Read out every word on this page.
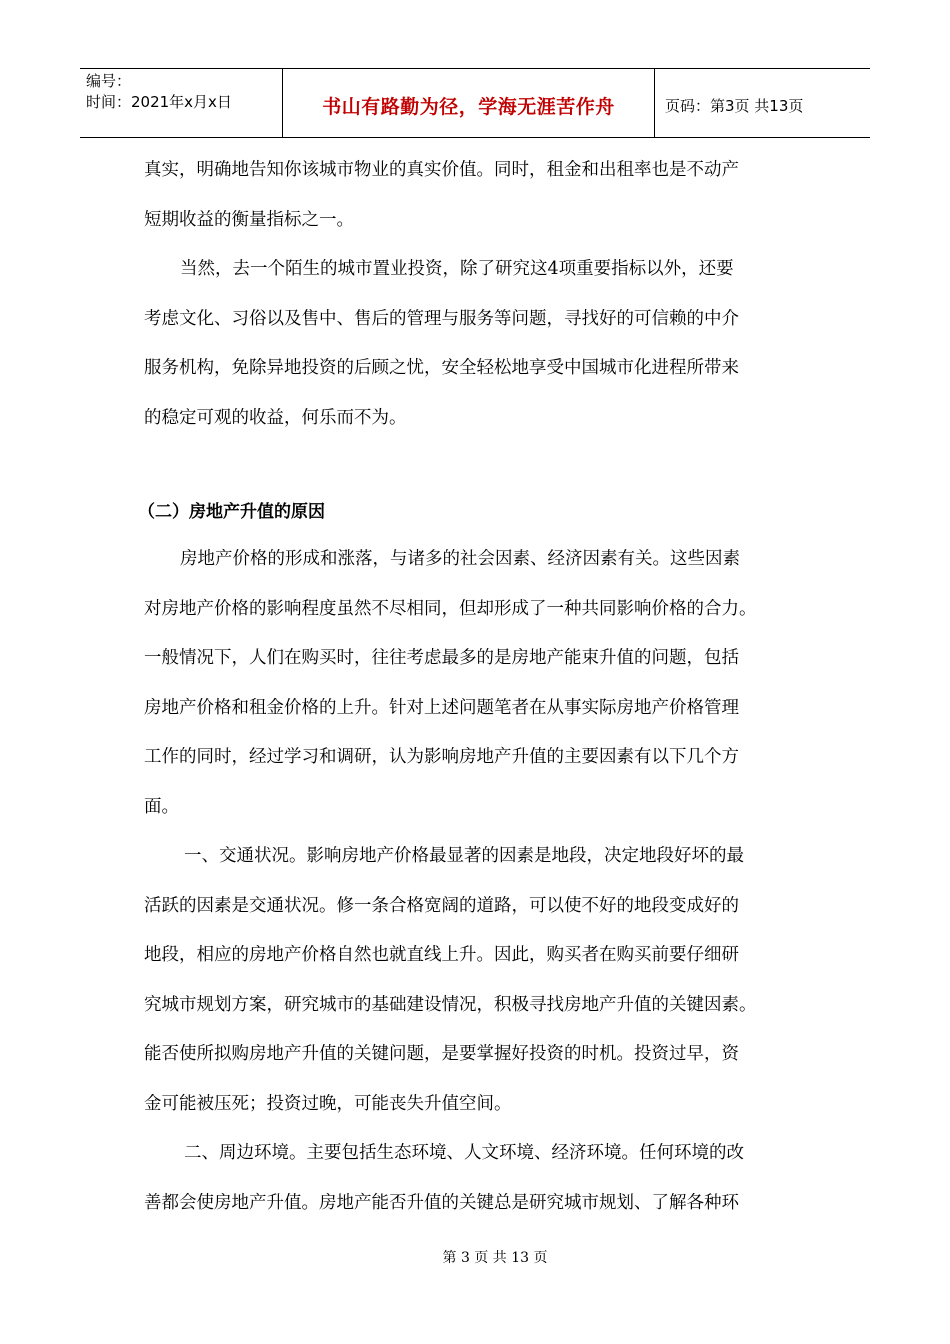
编号：
时间：2021年x月x日	书山有路勤为径，学海无涯苦作舟	页码：第3页 共13页
真实，明确地告知你该城市物业的真实价值。同时，租金和出租率也是不动产
短期收益的衡量指标之一。
当然，去一个陌生的城市置业投资，除了研究这4项重要指标以外，还要
考虑文化、习俗以及售中、售后的管理与服务等问题，寻找好的可信赖的中介
服务机构，免除异地投资的后顾之忧，安全轻松地享受中国城市化进程所带来
的稳定可观的收益，何乐而不为。
（二）房地产升值的原因
房地产价格的形成和涨落，与诸多的社会因素、经济因素有关。这些因素
对房地产价格的影响程度虽然不尽相同，但却形成了一种共同影响价格的合力。
一般情况下，人们在购买时，往往考虑最多的是房地产能束升值的问题，包括
房地产价格和租金价格的上升。针对上述问题笔者在从事实际房地产价格管理
工作的同时，经过学习和调研，认为影响房地产升值的主要因素有以下几个方
面。
一、交通状况。影响房地产价格最显著的因素是地段，决定地段好坏的最
活跃的因素是交通状况。修一条合格宽阔的道路，可以使不好的地段变成好的
地段，相应的房地产价格自然也就直线上升。因此，购买者在购买前要仔细研
究城市规划方案，研究城市的基础建设情况，积极寻找房地产升值的关键因素。
能否使所拟购房地产升值的关键问题，是要掌握好投资的时机。投资过早，资
金可能被压死；投资过晚，可能丧失升值空间。
二、周边环境。主要包括生态环境、人文环境、经济环境。任何环境的改
善都会使房地产升值。房地产能否升值的关键总是研究城市规划、了解各种环
第 3 页 共 13 页
